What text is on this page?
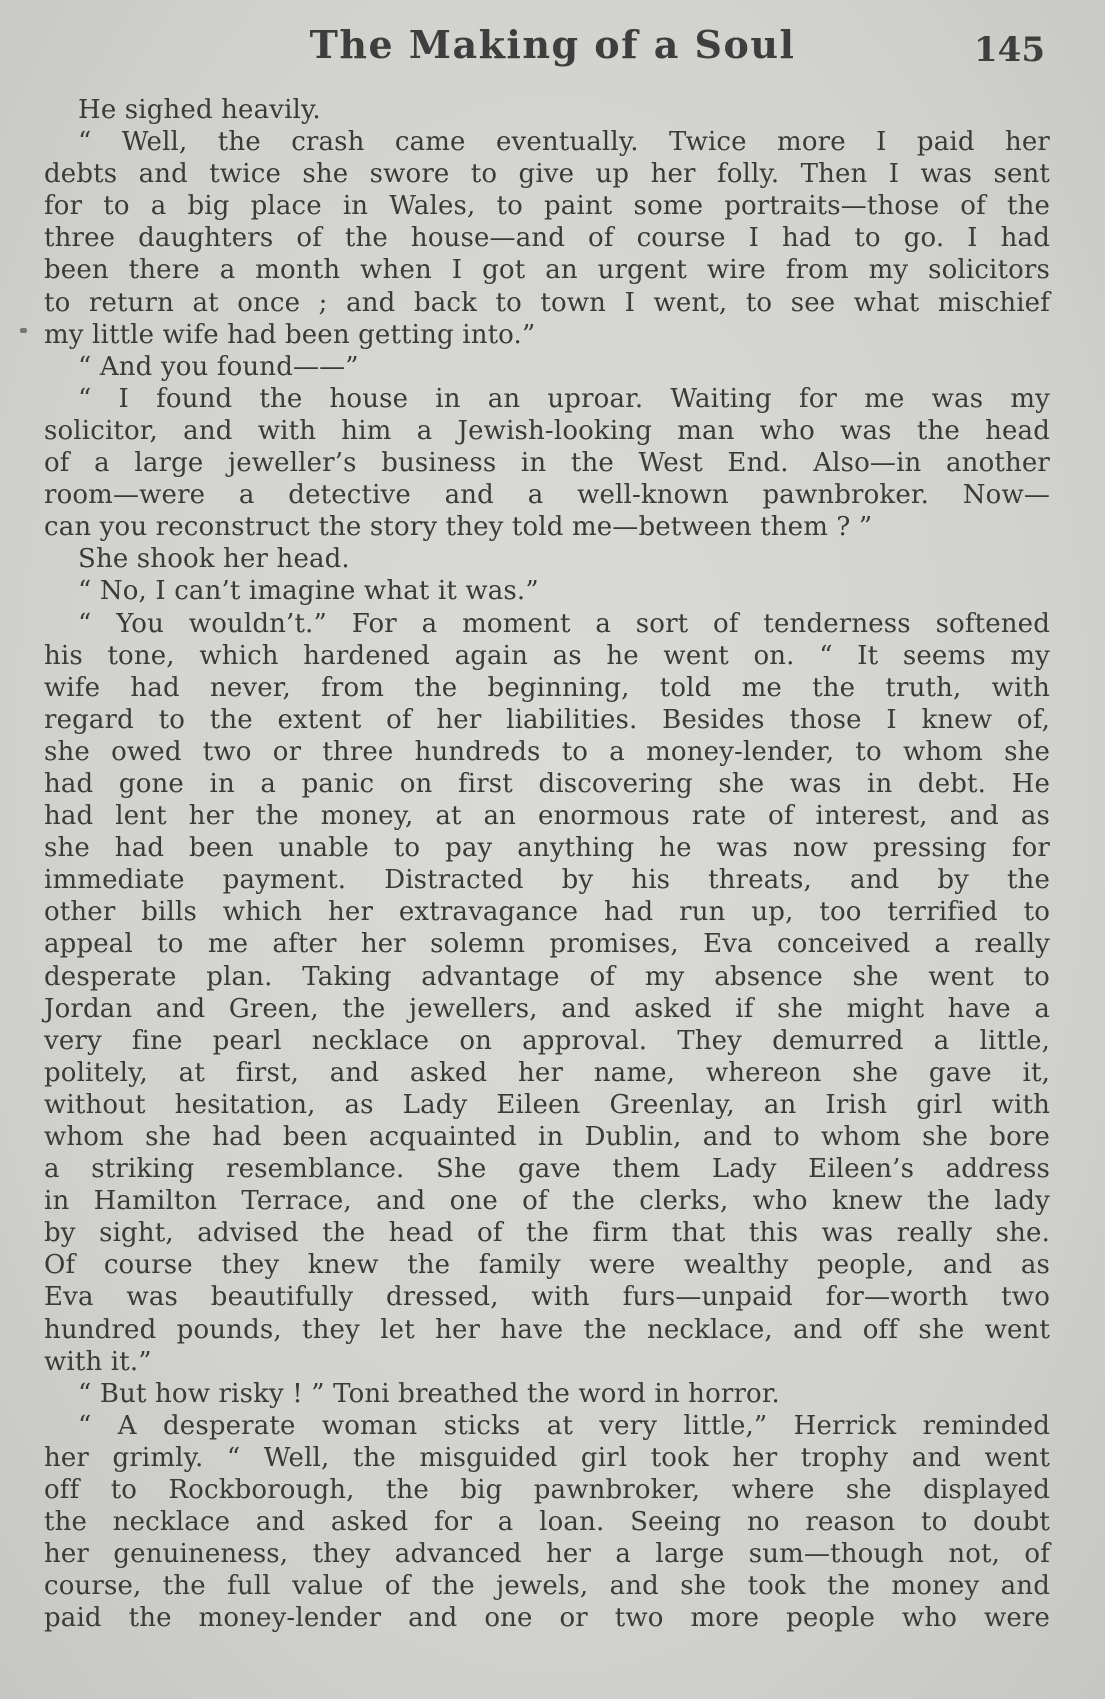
The Making of a Soul	145
He sighed heavily.
“ Well, the crash came eventually. Twice more I paid her
debts and twice she swore to give up her folly. Then I was sent
for to a big place in Wales, to paint some portraits—those of the
three daughters of the house—and of course I had to go. I had
been there a month when I got an urgent wire from my solicitors
to return at once ; and back to town I went, to see what mischief
my little wife had been getting into.”
“ And you found——”
“ I found the house in an uproar. Waiting for me was my
solicitor, and with him a Jewish-looking man who was the head
of a large jeweller’s business in the West End. Also—in another
room—were a detective and a well-known pawnbroker. Now—
can you reconstruct the story they told me—between them ? ”
She shook her head.
“ No, I can’t imagine what it was.”
“ You wouldn’t.” For a moment a sort of tenderness softened
his tone, which hardened again as he went on. “ It seems my
wife had never, from the beginning, told me the truth, with
regard to the extent of her liabilities. Besides those I knew of,
she owed two or three hundreds to a money-lender, to whom she
had gone in a panic on first discovering she was in debt. He
had lent her the money, at an enormous rate of interest, and as
she had been unable to pay anything he was now pressing for
immediate payment. Distracted by his threats, and by the
other bills which her extravagance had run up, too terrified to
appeal to me after her solemn promises, Eva conceived a really
desperate plan. Taking advantage of my absence she went to
Jordan and Green, the jewellers, and asked if she might have a
very fine pearl necklace on approval. They demurred a little,
politely, at first, and asked her name, whereon she gave it,
without hesitation, as Lady Eileen Greenlay, an Irish girl with
whom she had been acquainted in Dublin, and to whom she bore
a striking resemblance. She gave them Lady Eileen’s address
in Hamilton Terrace, and one of the clerks, who knew the lady
by sight, advised the head of the firm that this was really she.
Of course they knew the family were wealthy people, and as
Eva was beautifully dressed, with furs—unpaid for—worth two
hundred pounds, they let her have the necklace, and off she went
with it.”
“ But how risky ! ” Toni breathed the word in horror.
“ A desperate woman sticks at very little,” Herrick reminded
her grimly. “ Well, the misguided girl took her trophy and went
off to Rockborough, the big pawnbroker, where she displayed
the necklace and asked for a loan. Seeing no reason to doubt
her genuineness, they advanced her a large sum—though not, of
course, the full value of the jewels, and she took the money and
paid the money-lender and one or two more people who were
